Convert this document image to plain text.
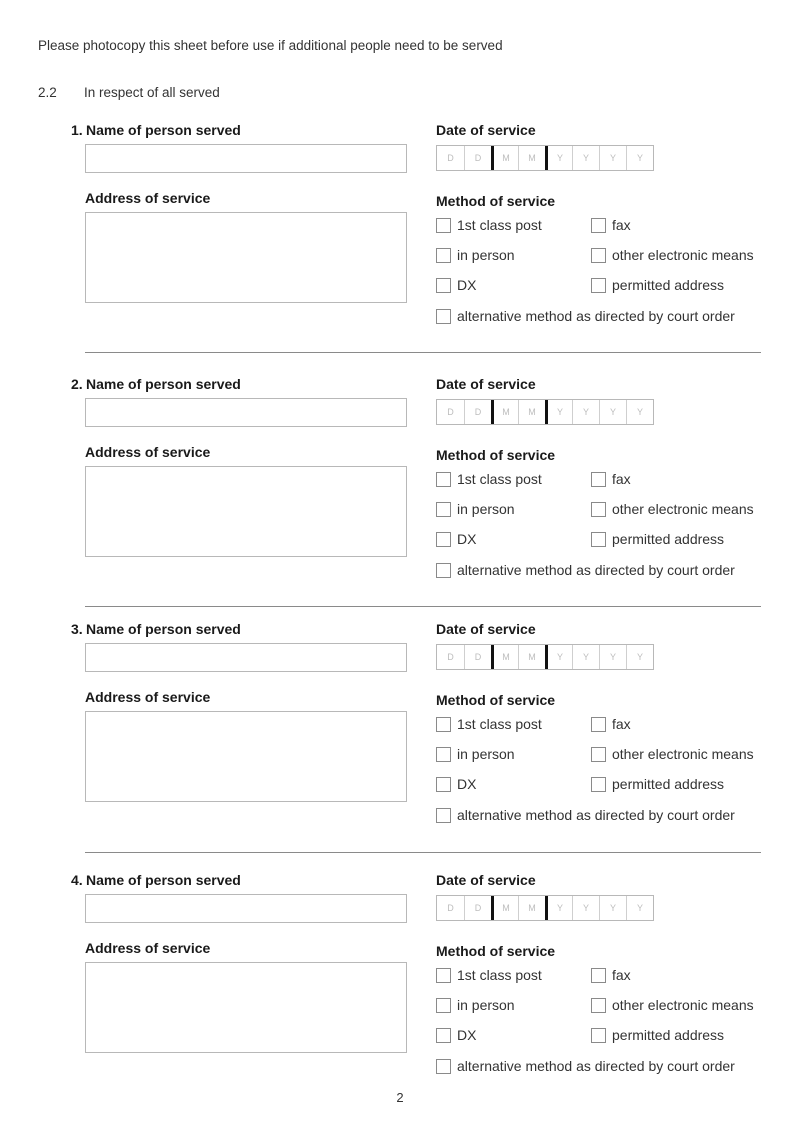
Please photocopy this sheet before use if additional people need to be served
2.2 In respect of all served
1. Name of person served
Address of service
Date of service
D	D	M	M	Y	Y	Y	Y
Method of service
1st class post	fax
in person	other electronic means
DX	permitted address
alternative method as directed by court order
2. Name of person served
Address of service
Date of service
D	D	M	M	Y	Y	Y	Y
Method of service
1st class post	fax
in person	other electronic means
DX	permitted address
alternative method as directed by court order
3. Name of person served
Address of service
Date of service
D	D	M	M	Y	Y	Y	Y
Method of service
1st class post	fax
in person	other electronic means
DX	permitted address
alternative method as directed by court order
4. Name of person served
Address of service
Date of service
D	D	M	M	Y	Y	Y	Y
Method of service
1st class post	fax
in person	other electronic means
DX	permitted address
alternative method as directed by court order
2
